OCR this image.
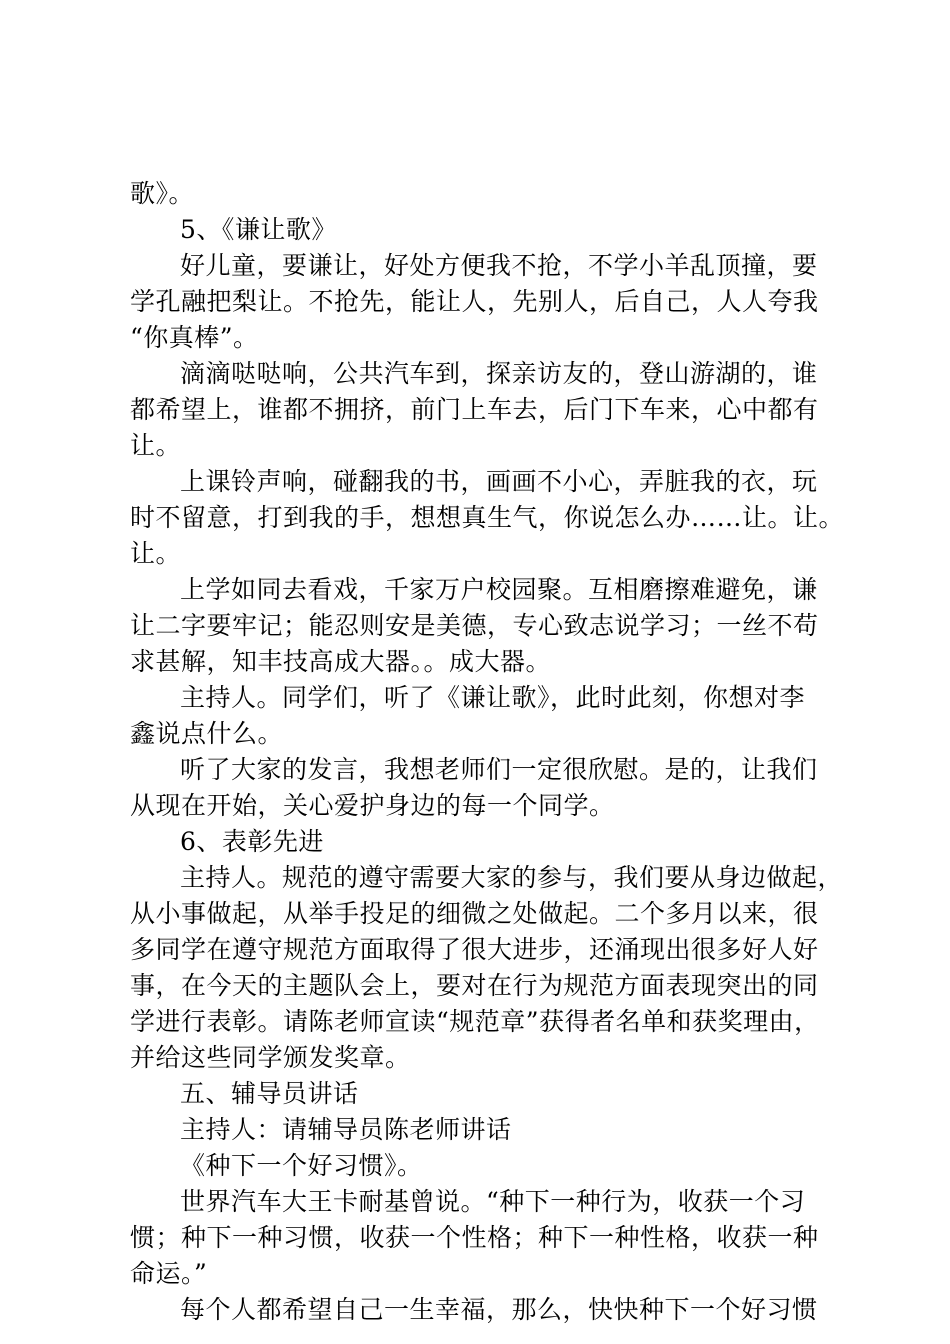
歌》。
5、《谦让歌》
好儿童，要谦让，好处方便我不抢，不学小羊乱顶撞，要
学孔融把梨让。不抢先，能让人，先别人，后自己，人人夸我
“你真棒”。
滴滴哒哒响，公共汽车到，探亲访友的，登山游湖的，谁
都希望上，谁都不拥挤，前门上车去，后门下车来，心中都有
让。
上课铃声响，碰翻我的书，画画不小心，弄脏我的衣，玩
时不留意，打到我的手，想想真生气，你说怎么办……让。让。
让。
上学如同去看戏，千家万户校园聚。互相磨擦难避免，谦
让二字要牢记；能忍则安是美德，专心致志说学习；一丝不苟
求甚解，知丰技高成大器。。成大器。
主持人。同学们，听了《谦让歌》，此时此刻，你想对李
鑫说点什么。
听了大家的发言，我想老师们一定很欣慰。是的，让我们
从现在开始，关心爱护身边的每一个同学。
6、表彰先进
主持人。规范的遵守需要大家的参与，我们要从身边做起，
从小事做起，从举手投足的细微之处做起。二个多月以来，很
多同学在遵守规范方面取得了很大进步，还涌现出很多好人好
事，在今天的主题队会上，要对在行为规范方面表现突出的同
学进行表彰。请陈老师宣读“规范章”获得者名单和获奖理由，
并给这些同学颁发奖章。
五、辅导员讲话
主持人：请辅导员陈老师讲话
《种下一个好习惯》。
世界汽车大王卡耐基曾说。“种下一种行为，收获一个习
惯；种下一种习惯，收获一个性格；种下一种性格，收获一种
命运。”
每个人都希望自己一生幸福，那么，快快种下一个好习惯
